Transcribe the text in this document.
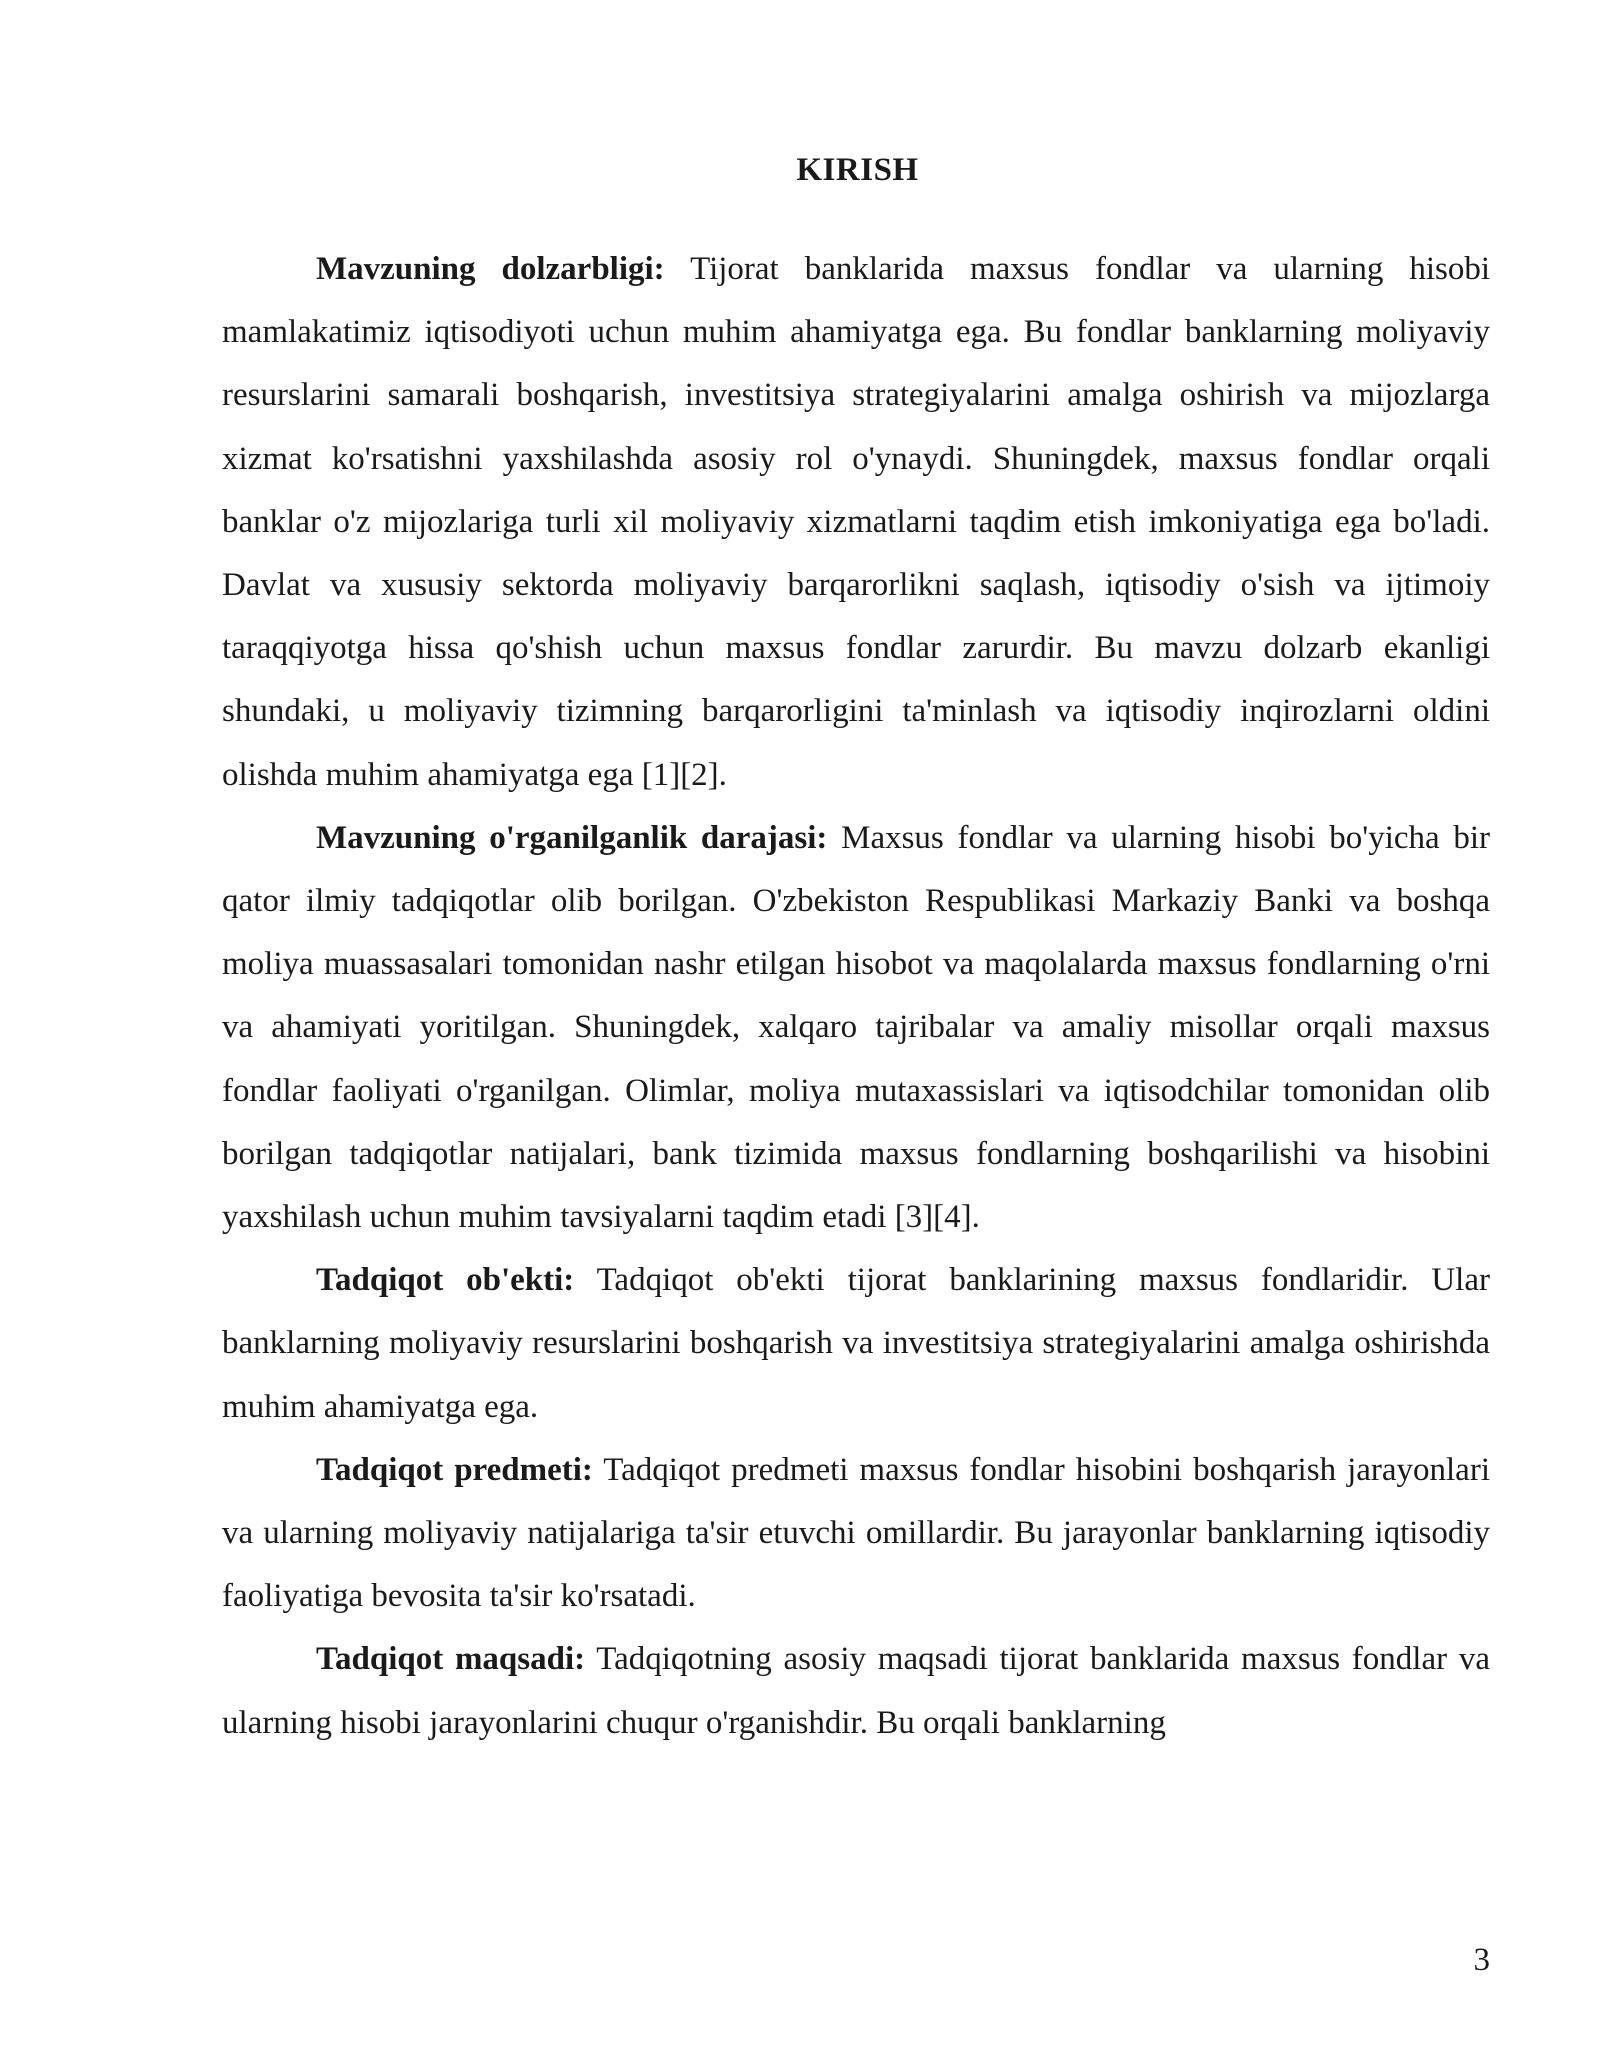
KIRISH

Mavzuning dolzarbligi: Tijorat banklarida maxsus fondlar va ularning hisobi mamlakatimiz iqtisodiyoti uchun muhim ahamiyatga ega. Bu fondlar banklarning moliyaviy resurslarini samarali boshqarish, investitsiya strategiyalarini amalga oshirish va mijozlarga xizmat ko'rsatishni yaxshilashda asosiy rol o'ynaydi. Shuningdek, maxsus fondlar orqali banklar o'z mijozlariga turli xil moliyaviy xizmatlarni taqdim etish imkoniyatiga ega bo'ladi. Davlat va xususiy sektorda moliyaviy barqarorlikni saqlash, iqtisodiy o'sish va ijtimoiy taraqqiyotga hissa qo'shish uchun maxsus fondlar zarurdir. Bu mavzu dolzarb ekanligi shundaki, u moliyaviy tizimning barqarorligini ta'minlash va iqtisodiy inqirozlarni oldini olishda muhim ahamiyatga ega [1][2].

Mavzuning o'rganilganlik darajasi: Maxsus fondlar va ularning hisobi bo'yicha bir qator ilmiy tadqiqotlar olib borilgan. O'zbekiston Respublikasi Markaziy Banki va boshqa moliya muassasalari tomonidan nashr etilgan hisobot va maqolalarda maxsus fondlarning o'rni va ahamiyati yoritilgan. Shuningdek, xalqaro tajribalar va amaliy misollar orqali maxsus fondlar faoliyati o'rganilgan. Olimlar, moliya mutaxassislari va iqtisodchilar tomonidan olib borilgan tadqiqotlar natijalari, bank tizimida maxsus fondlarning boshqarilishi va hisobini yaxshilash uchun muhim tavsiyalarni taqdim etadi [3][4].

Tadqiqot ob'ekti: Tadqiqot ob'ekti tijorat banklarining maxsus fondlaridir. Ular banklarning moliyaviy resurslarini boshqarish va investitsiya strategiyalarini amalga oshirishda muhim ahamiyatga ega.

Tadqiqot predmeti: Tadqiqot predmeti maxsus fondlar hisobini boshqarish jarayonlari va ularning moliyaviy natijalariga ta'sir etuvchi omillardir. Bu jarayonlar banklarning iqtisodiy faoliyatiga bevosita ta'sir ko'rsatadi.

Tadqiqot maqsadi: Tadqiqotning asosiy maqsadi tijorat banklarida maxsus fondlar va ularning hisobi jarayonlarini chuqur o'rganishdir. Bu orqali banklarning

3
